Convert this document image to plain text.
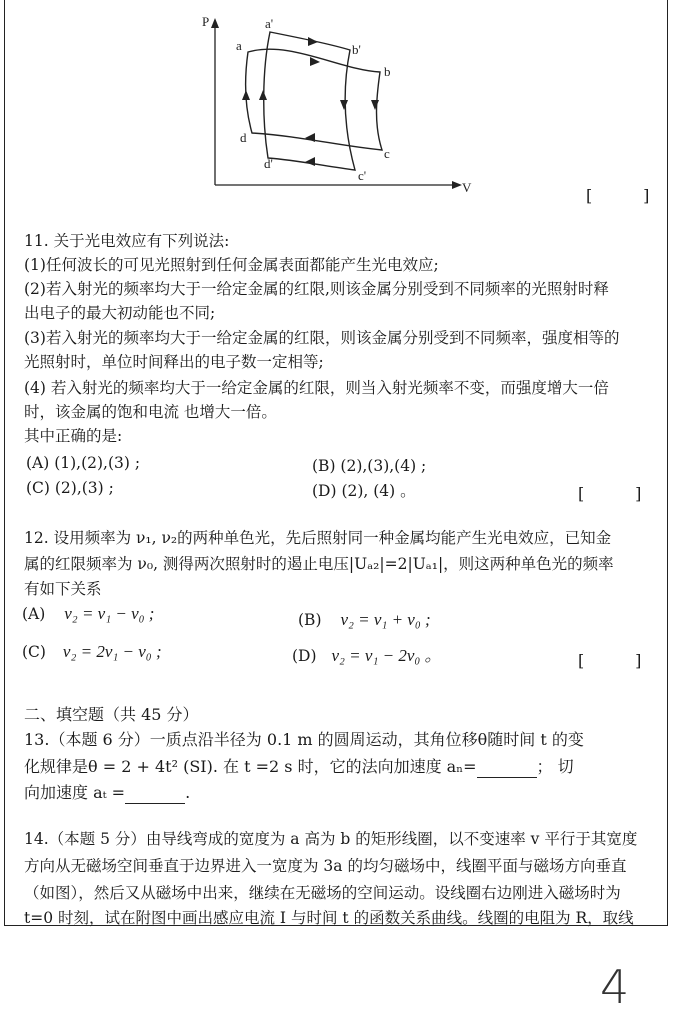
P
V
a
a'
b
b'
c
c'
d
d'
[          ]
11. 关于光电效应有下列说法:
(1)任何波长的可见光照射到任何金属表面都能产生光电效应;
(2)若入射光的频率均大于一给定金属的红限,则该金属分别受到不同频率的光照射时释
出电子的最大初动能也不同;
(3)若入射光的频率均大于一给定金属的红限，则该金属分别受到不同频率，强度相等的
光照射时，单位时间释出的电子数一定相等;
(4) 若入射光的频率均大于一给定金属的红限，则当入射光频率不变，而强度增大一倍
时，该金属的饱和电流 也增大一倍。
其中正确的是:
(A) (1),(2),(3) ;	(B) (2),(3),(4) ;
(C) (2),(3) ;	(D) (2), (4) 。	[          ]
12. 设用频率为 ν₁, ν₂的两种单色光，先后照射同一种金属均能产生光电效应，已知金
属的红限频率为 ν₀, 测得两次照射时的遏止电压|Uₐ₂|=2|Uₐ₁|，则这两种单色光的频率
有如下关系
(A) ν₂ = ν₁ − ν₀ ;	(B) ν₂ = ν₁ + ν₀ ;
(C) ν₂ = 2ν₁ − ν₀ ;	(D) ν₂ = ν₁ − 2ν₀ 。	[          ]
二、填空题（共 45 分）
13.（本题 6 分）一质点沿半径为 0.1 m 的圆周运动，其角位移θ随时间 t 的变
化规律是θ = 2 + 4t² (SI). 在 t =2 s 时，它的法向加速度 aₙ=	； 切
向加速度 aₜ =	.
14.（本题 5 分）由导线弯成的宽度为 a 高为 b 的矩形线圈，以不变速率 v 平行于其宽度
方向从无磁场空间垂直于边界进入一宽度为 3a 的均匀磁场中，线圈平面与磁场方向垂直
（如图），然后又从磁场中出来，继续在无磁场的空间运动。设线圈右边刚进入磁场时为
t=0 时刻，试在附图中画出感应电流 I 与时间 t 的函数关系曲线。线圈的电阻为 R，取线
4
